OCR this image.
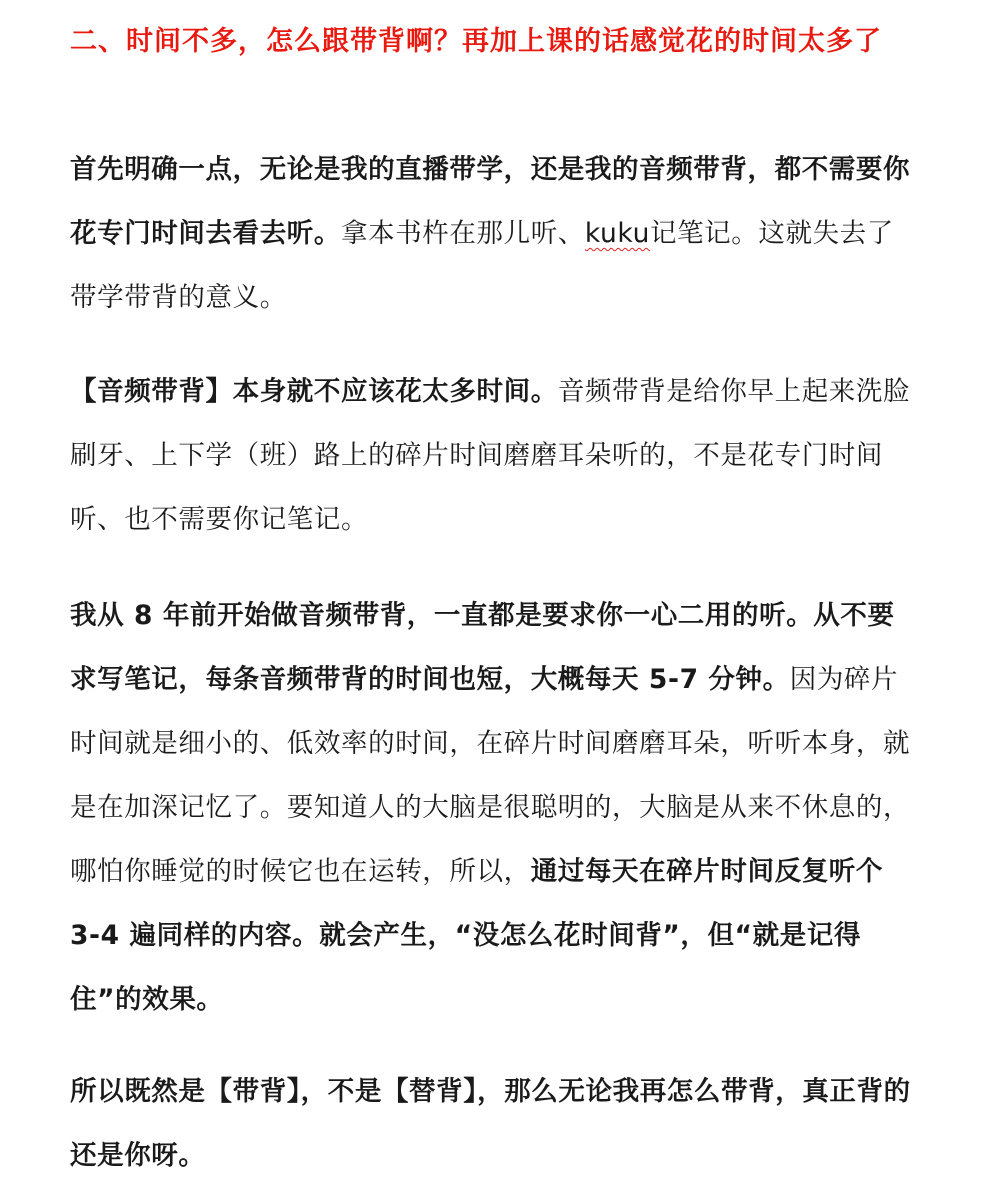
二、时间不多，怎么跟带背啊？再加上课的话感觉花的时间太多了

首先明确一点，无论是我的直播带学，还是我的音频带背，都不需要你花专门时间去看去听。拿本书杵在那儿听、kuku记笔记。这就失去了带学带背的意义。

【音频带背】本身就不应该花太多时间。音频带背是给你早上起来洗脸刷牙、上下学（班）路上的碎片时间磨磨耳朵听的，不是花专门时间听、也不需要你记笔记。

我从 8 年前开始做音频带背，一直都是要求你一心二用的听。从不要求写笔记，每条音频带背的时间也短，大概每天 5-7 分钟。因为碎片时间就是细小的、低效率的时间，在碎片时间磨磨耳朵，听听本身，就是在加深记忆了。要知道人的大脑是很聪明的，大脑是从来不休息的，哪怕你睡觉的时候它也在运转，所以，通过每天在碎片时间反复听个 3-4 遍同样的内容。就会产生，“没怎么花时间背”，但“就是记得住”的效果。

所以既然是【带背】，不是【替背】，那么无论我再怎么带背，真正背的还是你呀。
